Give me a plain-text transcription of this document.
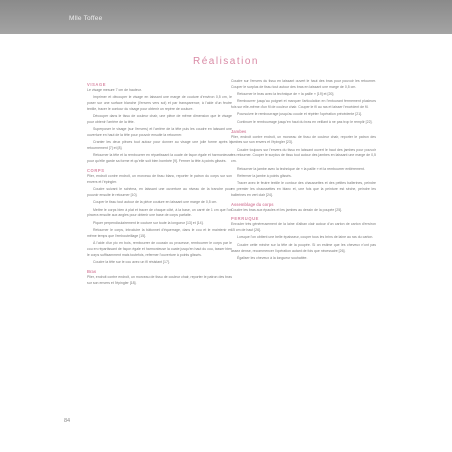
Mlle Toffee
Réalisation
VISAGE
Le visage mesure 7 cm de hauteur.
Imprimer et découper le visage en laissant une marge de couture d'environ 0,5 cm, le poser sur une surface blanche (l'envers vers soi) et par transparence, à l'aide d'un feutre textile, tracer le contour du visage pour obtenir un repère de couture.
Découper dans le tissu de couleur chair, une pièce de même dimension que le visage pour obtenir l'arrière de la tête.
Superposer le visage (sur l'envers) et l'arrière de la tête puis les coudre en laissant une ouverture en haut de la tête pour pouvoir ensuite la retourner.
Cranter les deux pièces tout autour pour donner au visage une jolie forme après le retournement [7] et [8].
Retourner la tête et la rembourrer en répartissant la ouate de façon égale et harmonieuse pour qu'elle garde sa forme et qu'elle soit bien bombée [9]. Fermer la tête à points glissés.
CORPS
Plier, endroit contre endroit, un morceau de tissu blanc, reporter le patron du corps sur son envers et l'épingler.
Coudre suivant le schéma, en laissant une ouverture au niveau de la tranche pour pouvoir ensuite le retourner [10].
Couper le tissu tout autour de la pièce couture en laissant une marge de 0,5 cm.
Mettre le corps bien à plat et tracer de chaque côté, à la base, un carré de 1 cm que l'on pincera ensuite aux angles pour obtenir une base de corps parfaite.
Piquer perpendiculairement le couture sur toute la longueur [13] et [14].
Retourner le corps, introduire la bâtonnet d'équerrage, dans le cou et le maintenir en même temps que l'embouteillage [15].
À l'aide d'un pic en bois, rembourrer de coussin ou prouesse, rembourrer le corps par le cou en répartissant de façon égale et harmonieuse la ouate jusqu'en haut du cou, tasser bien le corps suffisamment mais toutefois, refermer l'ouverture à points glissés.
Coudre la tête sur le cou avec un fil résistant [17].
Bras
Plier, endroit contre endroit, un morceau de tissu de couleur chair, reporter le patron des bras sur son envers et l'épingler [18].
Coudre sur l'envers du tissu en laissant ouvert le haut des bras pour pouvoir les retourner. Couper le surplus de tissu tout autour des bras en laissant une marge de 0,5 cm.
Retourner le bras avec la technique de « la paille » [19] et [20].
Rembourrer jusqu'au poignet et marquer l'articulation en l'entourant fermement plusieurs fois sur elle-même d'un fil de couleur chair. Couper le fil au ras et laisser l'excédent de fil.
Poursuivre le rembourrage jusqu'au coude et répéter l'opération précédente [21].
Continuer le rembourrage jusqu'en haut du bras en veillant à ne pas trop le remplir [22].
Jambes
Plier, endroit contre endroit, un morceau de tissu de couleur chair, reporter le patron des jambes sur son envers et l'épingler [23].
Coudre toujours sur l'envers du tissu en laissant ouvert le haut des jambes pour pouvoir les retourner. Couper le surplus de tissu tout autour des jambes en laissant une marge de 0,5 cm.
Retourner la jambe avec la technique de « la paille » et la rembourrer entièrement.
Refermer la jambe à points glissés.
Tracer avec le feutre textile le contour des chaussettes et des petites ballerines, peindre en premier les chaussettes en blanc et, une fois que la peinture est sèche, peindre les ballerines en vert clair [24].
Assemblage du corps
Coudre les bras aux épaules et les jambes au dessin de la poupée [25].
PERRUQUE
Enrouler très généreusement de la laine d'alban clair autour d'un carton de carton d'environ 15 cm de haut [26].
Lorsque l'on obtient une belle épaisseur, couper tous les brins de laine au ras du carton.
Coudre cette mèche sur la tête de la poupée. Si on estime que les cheveux n'ont pas assez dense, recommencer l'opération autant de fois que nécessaire [26].
Égaliser les cheveux à la longueur souhaitée.
84
